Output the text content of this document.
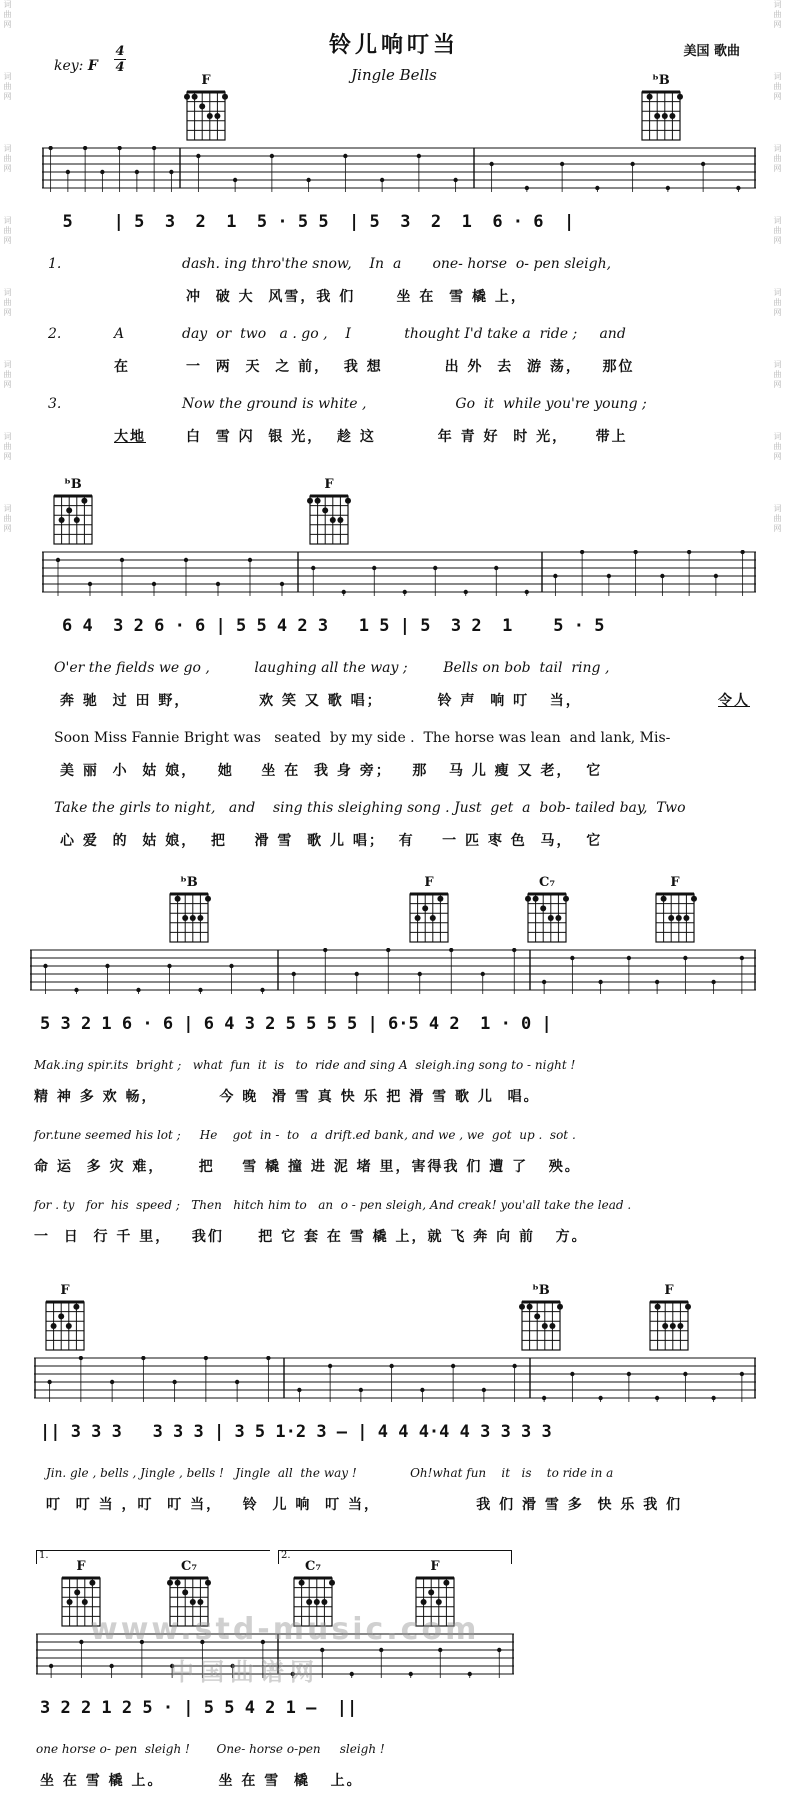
词
曲
网
词
曲
网
词
曲
网
词
曲
网
词
曲
网
词
曲
网
词
曲
网
词
曲
网
词
曲
网
词
曲
网
词
曲
网
词
曲
网
词
曲
网
词
曲
网
词
曲
网
词
曲
网
铃儿响叮当
Jingle Bells
美国 歌曲
key: F
4
4
F	ᵇB
5    | 5  3  2  1  5 · 5 5  | 5  3  2  1  6 · 6  |
1.	dash. ing thro'the snow,    In  a       one- horse  o- pen sleigh,
冲  破 大  风雪，我 们      坐 在  雪 橇 上，
2.	A	day  or  two   a . go ,    I            thought I'd take a  ride ;     and
在	一  两  天  之 前，  我 想         出 外  去  游 荡，   那位
3.	Now the ground is white ,                    Go  it  while you're young ;
大地	白  雪 闪  银 光，  趁 这         年 青 好  时 光，    带上
ᵇB	F
6 4  3 2 6 · 6 | 5 5 4 2 3   1 5 | 5  3 2  1    5 · 5
O'er the fields we go ,          laughing all the way ;        Bells on bob  tail  ring ,
奔 驰  过 田 野，          欢 笑 又 歌 唱；        铃 声  响 叮   当，	令人
Soon Miss Fannie Bright was   seated  by my side .  The horse was lean  and lank, Mis-
美 丽  小  姑 娘，   她    坐 在  我 身 旁；   那   马 儿 瘦 又 老，  它
Take the girls to night,   and    sing this sleighing song . Just  get  a  bob- tailed bay,  Two
心 爱  的  姑 娘，  把    滑 雪  歌 儿 唱；  有    一 匹 枣 色  马，  它
ᵇB	F	C₇	F
5 3 2 1 6 · 6 | 6 4 3 2 5 5 5 5 | 6·5 4 2  1 · 0 |
Mak.ing spir.its  bright ;   what  fun  it  is   to  ride and sing A  sleigh.ing song to - night !
精 神 多 欢 畅，         今 晚  滑 雪 真 快 乐 把 滑 雪 歌 儿  唱。
for.tune seemed his lot ;     He    got  in -  to   a  drift.ed bank, and we , we  got  up .  sot .
命 运  多 灾 难，     把    雪 橇 撞 进 泥 堵 里，害得我 们 遭 了   殃。
for . ty   for  his  speed ;   Then   hitch him to   an  o - pen sleigh, And creak! you'all take the lead .
一  日  行 千 里，   我们     把 它 套 在 雪 橇 上，就 飞 奔 向 前   方。
F	ᵇB	F
|| 3 3 3   3 3 3 | 3 5 1·2 3 — | 4 4 4·4 4 3 3 3 3
Jin. gle , bells , Jingle , bells !   Jingle  all  the way !              Oh!what fun    it   is    to ride in a
叮  叮 当 ，叮  叮 当，   铃  儿 响  叮 当，              我 们 滑 雪 多  快 乐 我 们
1.	2.
F	C₇	C₇	F
3 2 2 1 2 5 · | 5 5 4 2 1 —  ||
one horse o- pen  sleigh !       One- horse o-pen     sleigh !
坐 在 雪 橇 上。        坐 在 雪  橇   上。
www.std-music.com
中国曲谱网
